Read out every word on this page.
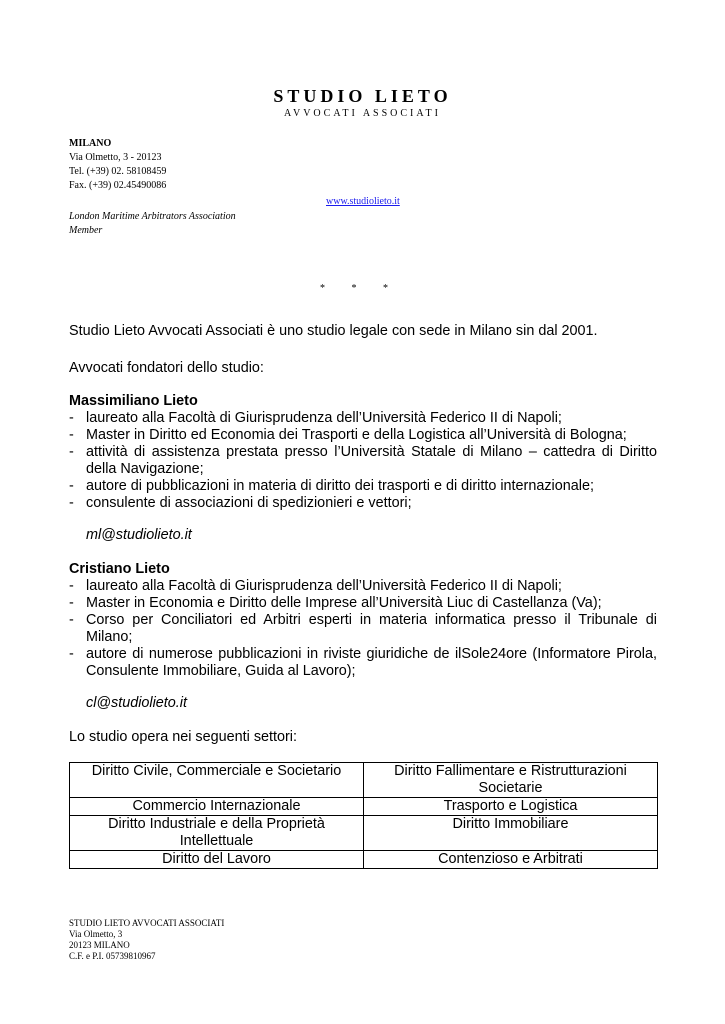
STUDIO LIETO
AVVOCATI ASSOCIATI
MILANO
Via Olmetto, 3 - 20123
Tel. (+39) 02. 58108459
Fax. (+39) 02.45490086
www.studiolieto.it
London Maritime Arbitrators Association
Member
* * *
Studio Lieto Avvocati Associati è uno studio legale con sede in Milano sin dal 2001.
Avvocati fondatori dello studio:
Massimiliano Lieto
- laureato alla Facoltà di Giurisprudenza dell’Università Federico II di Napoli;
- Master in Diritto ed Economia dei Trasporti e della Logistica all’Università di Bologna;
- attività di assistenza prestata presso l’Università Statale di Milano – cattedra di Diritto della Navigazione;
- autore di pubblicazioni in materia di diritto dei trasporti e di diritto internazionale;
- consulente di associazioni di spedizionieri e vettori;
ml@studiolieto.it
Cristiano Lieto
- laureato alla Facoltà di Giurisprudenza dell’Università Federico II di Napoli;
- Master in Economia e Diritto delle Imprese all’Università Liuc di Castellanza (Va);
- Corso per Conciliatori ed Arbitri esperti in materia informatica presso il Tribunale di Milano;
- autore di numerose pubblicazioni in riviste giuridiche de ilSole24ore (Informatore Pirola, Consulente Immobiliare, Guida al Lavoro);
cl@studiolieto.it
Lo studio opera nei seguenti settori:
Diritto Civile, Commerciale e Societario	Diritto Fallimentare e Ristrutturazioni Societarie
Commercio Internazionale	Trasporto e Logistica
Diritto Industriale e della Proprietà Intellettuale	Diritto Immobiliare
Diritto del Lavoro	Contenzioso e Arbitrati
STUDIO LIETO AVVOCATI ASSOCIATI
Via Olmetto, 3
20123 MILANO
C.F. e P.I. 05739810967
